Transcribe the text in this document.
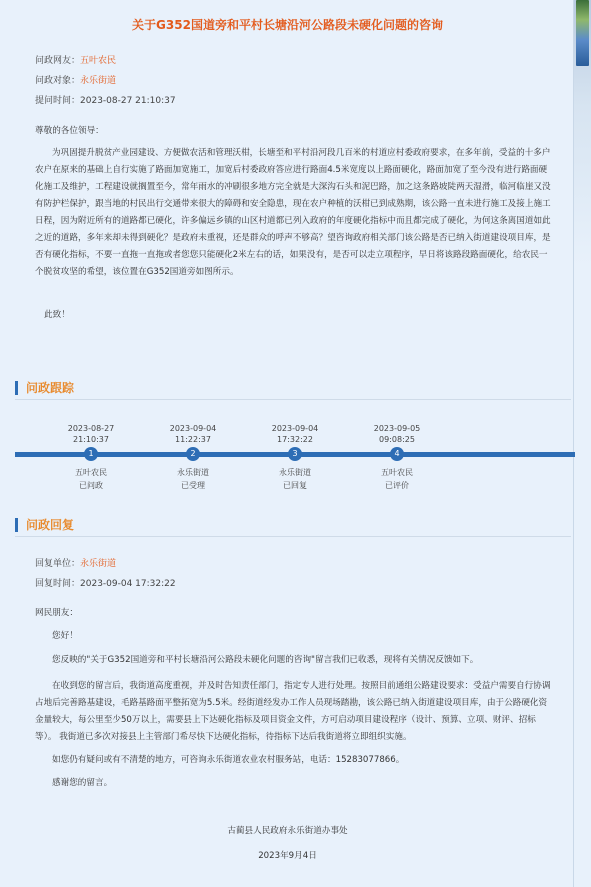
关于G352国道旁和平村长塘沿河公路段未硬化问题的咨询
问政网友：五叶农民
问政对象：永乐街道
提问时间：2023-08-27 21:10:37
尊敬的各位领导：
为巩固提升脱贫产业园建设、方便做农活和管理沃柑，长塘至和平村沿河段几百米的村道应村委政府要求，在多年前，受益的十多户农户在原来的基础上自行实施了路面加宽施工，加宽后村委政府答应进行路面4.5米宽度以上路面硬化，路面加宽了至今没有进行路面硬化施工及维护，工程建设就搁置至今，常年雨水的冲刷很多地方完全就是大深沟石头和泥巴路，加之这条路坡陡两天湿滑，临河临崖又没有防护栏保护，跟当地的村民出行交通带来很大的障碍和安全隐患，现在农户种植的沃柑已到成熟期，该公路一直未进行施工及接上施工日程，因为附近所有的道路都已硬化，许多偏远乡镇的山区村道都已列入政府的年度硬化指标中而且都完成了硬化，为何这条离国道如此之近的道路，多年来却未得到硬化？是政府未重视，还是群众的呼声不够高？望咨询政府相关部门该公路是否已纳入街道建设项目库，是否有硬化指标，不要一直拖一直拖或者您您只能硬化2米左右的话，如果没有，是否可以走立项程序，早日将该路段路面硬化，给农民一个脱贫攻坚的希望，该位置在G352国道旁如图所示。
此致！
问政跟踪
2023-08-27
21:10:37
2023-09-04
11:22:37
2023-09-04
17:32:22
2023-09-05
09:08:25
1	2	3	4
五叶农民
已问政
永乐街道
已受理
永乐街道
已回复
五叶农民
已评价
问政回复
回复单位：永乐街道
回复时间：2023-09-04 17:32:22
网民朋友：
您好！
您反映的"关于G352国道旁和平村长塘沿河公路段未硬化问题的咨询"留言我们已收悉，现将有关情况反馈如下。
在收到您的留言后，我街道高度重视，并及时告知责任部门，指定专人进行处理。按照目前通组公路建设要求：受益户需要自行协调占地后完善路基建设，毛路基路面平整拓宽为5.5米。经街道经发办工作人员现场踏勘，该公路已纳入街道建设项目库，由于公路硬化资金量较大，每公里至少50万以上，需要县上下达硬化指标及项目资金文件，方可启动项目建设程序（设计、预算、立项、财评、招标等）。 我街道已多次对接县上主管部门希尽快下达硬化指标，待指标下达后我街道将立即组织实施。
如您仍有疑问或有不清楚的地方，可咨询永乐街道农业农村服务站，电话：15283077866。
感谢您的留言。
古蔺县人民政府永乐街道办事处
2023年9月4日
